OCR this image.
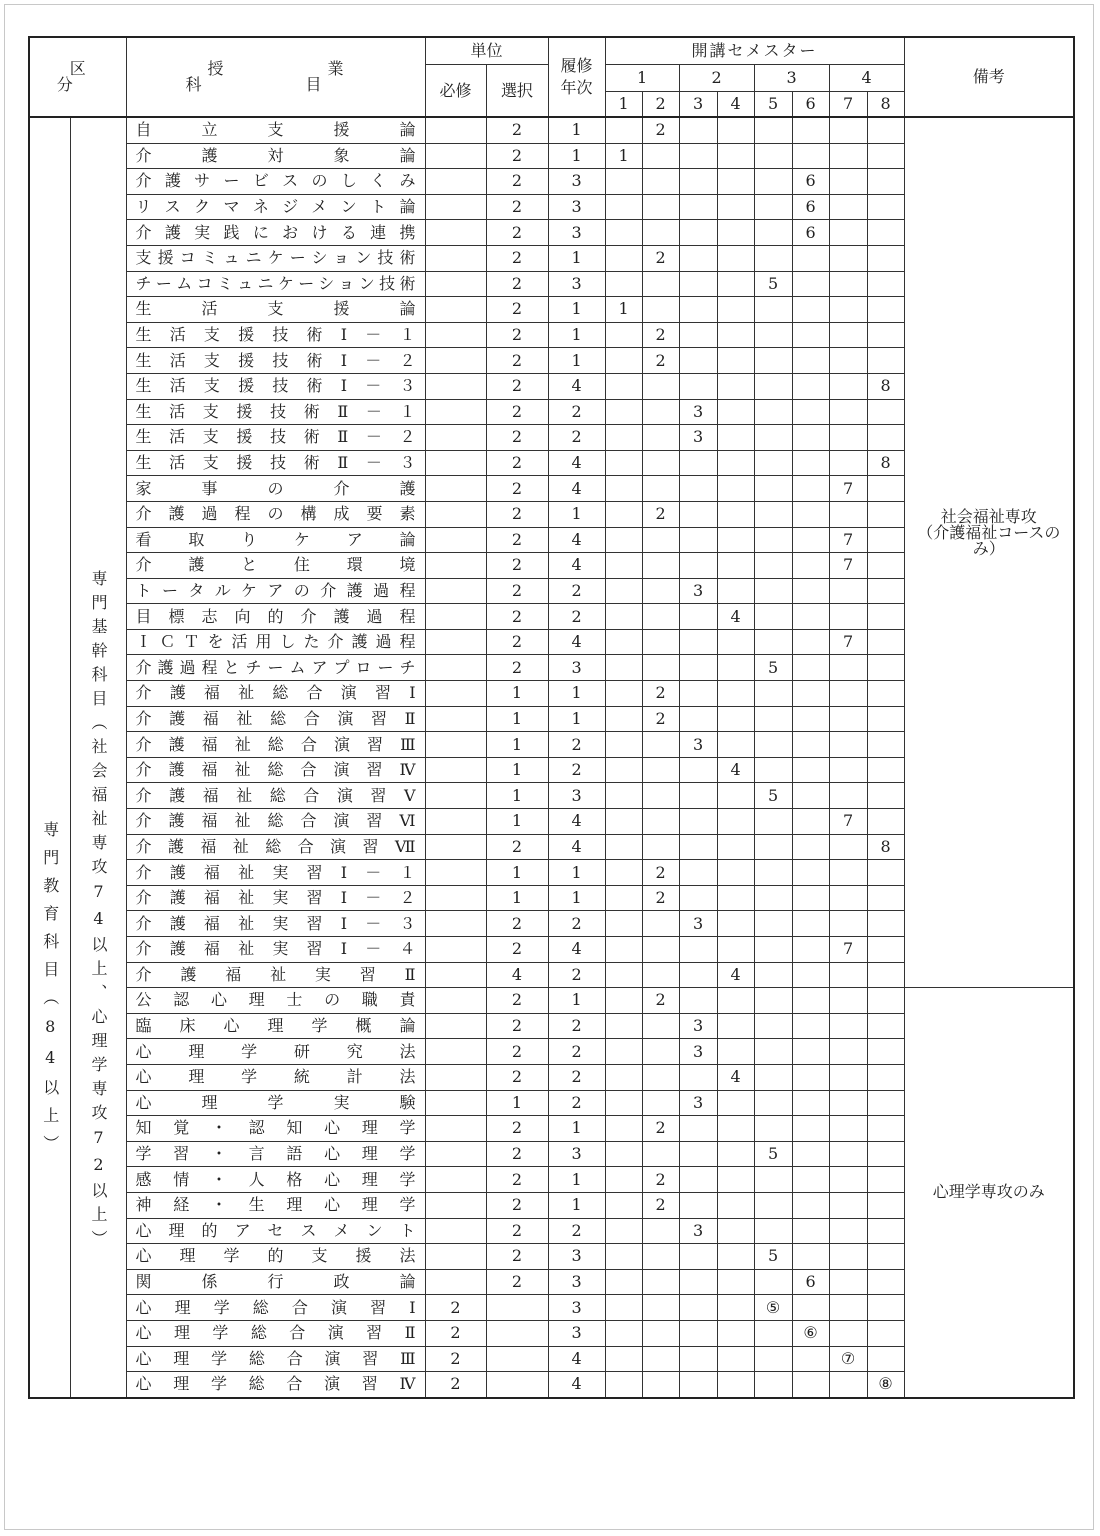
区　分		授　業　科　目	単位		履修年次	開講セメスター								備考
			必修	選択		1		2		3		4		
						1	2	3	4	5	6	7	8	

専門教育科目（84以上）	専門基幹科目（社会福祉専攻74以上、心理学専攻72以上）	自立支援論		2	1		2							社会福祉専攻
（介護福祉コースのみ）
		介護対象論		2	1	1								
		介護サービスのしくみ		2	3						6			
		リスクマネジメント論		2	3						6			
		介護実践における連携		2	3						6			
		支援コミュニケーション技術		2	1		2							
		チームコミュニケーション技術		2	3					5				
		生活支援論		2	1	1								
		生活支援技術Ⅰ－１		2	1		2							
		生活支援技術Ⅰ－２		2	1		2							
		生活支援技術Ⅰ－３		2	4								8	
		生活支援技術Ⅱ－１		2	2			3						
		生活支援技術Ⅱ－２		2	2			3						
		生活支援技術Ⅱ－３		2	4								8	
		家事の介護		2	4							7		
		介護過程の構成要素		2	1		2							
		看取りケア論		2	4							7		
		介護と住環境		2	4							7		
		トータルケアの介護過程		2	2			3						
		目標志向的介護過程		2	2				4					
		ＩＣＴを活用した介護過程		2	4							7		
		介護過程とチームアプローチ		2	3					5				
		介護福祉総合演習Ⅰ		1	1		2							
		介護福祉総合演習Ⅱ		1	1		2							
		介護福祉総合演習Ⅲ		1	2			3						
		介護福祉総合演習Ⅳ		1	2				4					
		介護福祉総合演習Ⅴ		1	3					5				
		介護福祉総合演習Ⅵ		1	4							7		
		介護福祉総合演習Ⅶ		2	4								8	
		介護福祉実習Ⅰ－１		1	1		2							
		介護福祉実習Ⅰ－２		1	1		2							
		介護福祉実習Ⅰ－３		2	2			3						
		介護福祉実習Ⅰ－４		2	4							7		
		介護福祉実習Ⅱ		4	2				4					
		公認心理士の職責		2	1		2							心理学専攻のみ
		臨床心理学概論		2	2			3						
		心理学研究法		2	2			3						
		心理学統計法		2	2				4					
		心理学実験		1	2			3						
		知覚・認知心理学		2	1		2							
		学習・言語心理学		2	3					5				
		感情・人格心理学		2	1		2							
		神経・生理心理学		2	1		2							
		心理的アセスメント		2	2			3						
		心理学的支援法		2	3					5				
		関係行政論		2	3						6			
		心理学総合演習Ⅰ	2		3					⑤				
		心理学総合演習Ⅱ	2		3						⑥			
		心理学総合演習Ⅲ	2		4							⑦		
		心理学総合演習Ⅳ	2		4								⑧	
